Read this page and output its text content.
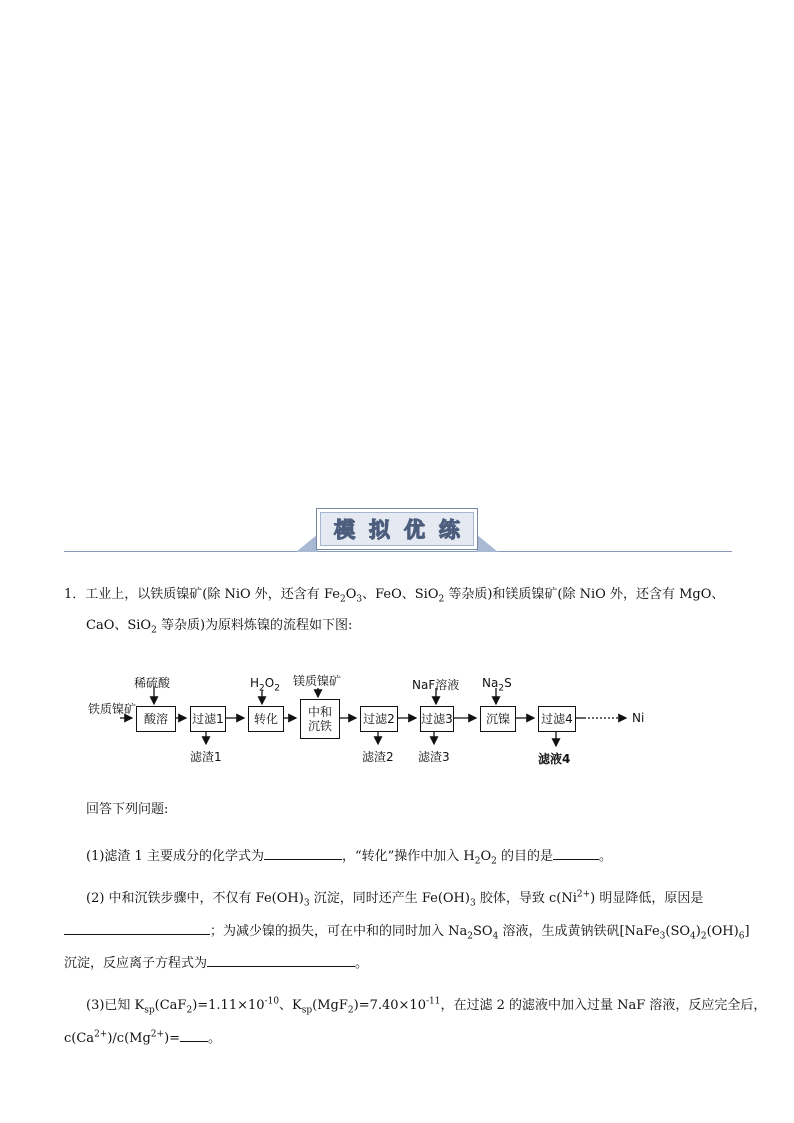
模拟优练
1．工业上，以铁质镍矿(除 NiO 外，还含有 $Fe_2O_3$、FeO、SiO$_2$ 等杂质)和镁质镍矿(除 NiO 外，还含有 MgO、
CaO、SiO$_2$ 等杂质)为原料炼镍的流程如下图:
铁质镍矿
酸溶	过滤1	转化	中和
沉铁	过滤2 过滤3	沉镍	过滤4
稀硫酸	$H_2O_2$
镁质镍矿	NaF溶液 $Na_2S$
滤渣1	滤渣2 滤渣3	滤液4
Ni
回答下列问题:
(1)滤渣 1 主要成分的化学式为	，“转化”操作中加入 $H_2O_2$ 的目的是	。
(2) 中和沉铁步骤中，不仅有 $Fe(OH)_3$ 沉淀，同时还产生 $Fe(OH)_3$ 胶体，导致 $c(Ni^{2+})$ 明显降低，原因是
；为减少镍的损失，可在中和的同时加入 $Na_2SO_4$ 溶液，生成黄钠铁矾$[NaFe_3(SO_4)_2(OH)_6]$
沉淀，反应离子方程式为	。
(3)已知 $K_{sp}(CaF_2)=1.11\times 10^{-10}$、$K_{sp}(MgF_2)=7.40\times 10^{-11}$，在过滤 2 的滤液中加入过量 NaF 溶液，反应完全后，
$c(Ca^{2+})/c(Mg^{2+})=$ 。
